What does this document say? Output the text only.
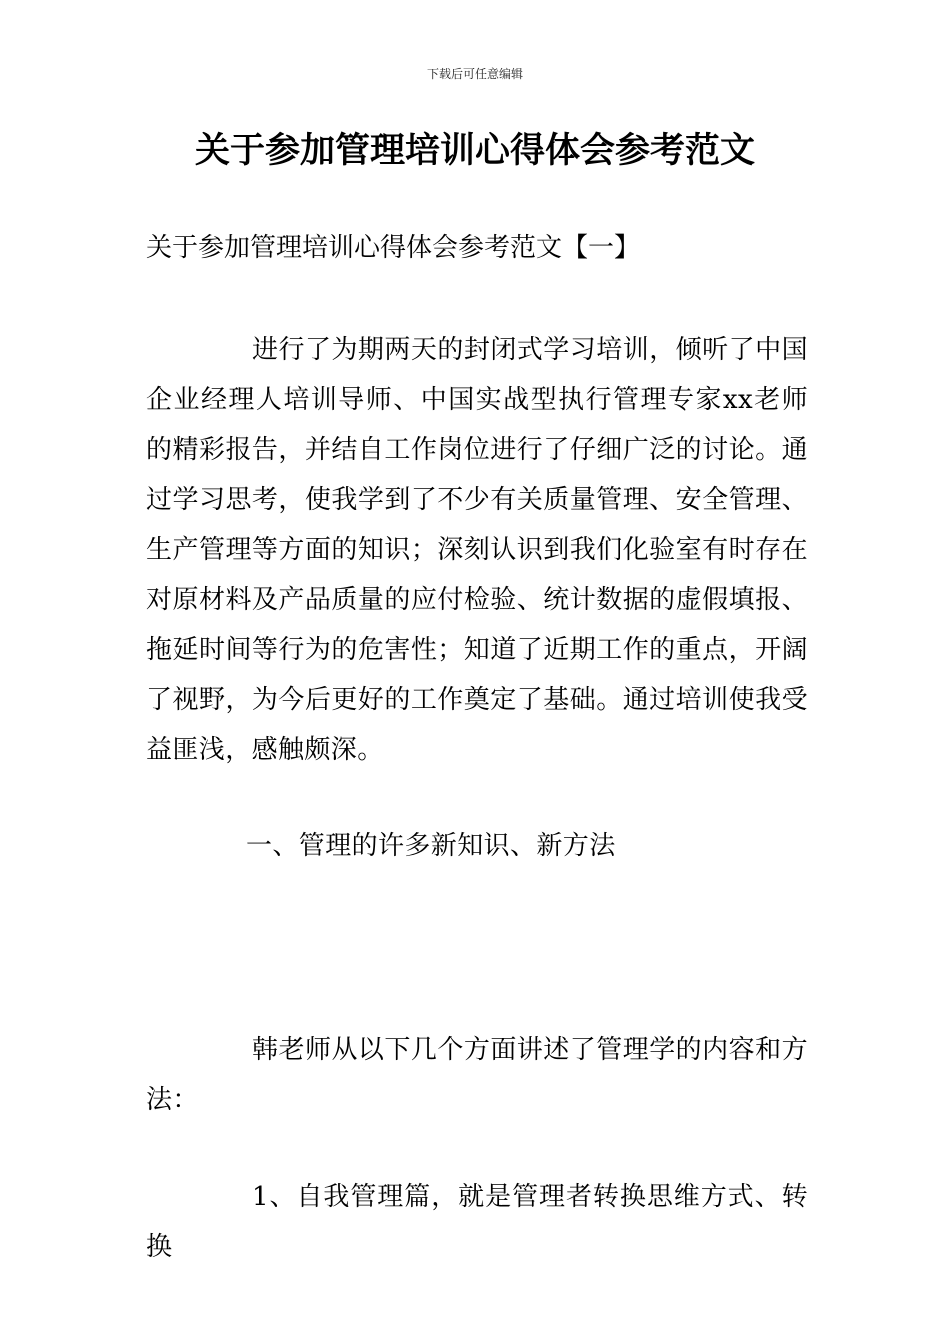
下载后可任意编辑
关于参加管理培训心得体会参考范文
关于参加管理培训心得体会参考范文【一】

进行了为期两天的封闭式学习培训，倾听了中国企业经理人培训导师、中国实战型执行管理专家xx老师的精彩报告，并结自工作岗位进行了仔细广泛的讨论。通过学习思考，使我学到了不少有关质量管理、安全管理、生产管理等方面的知识；深刻认识到我们化验室有时存在对原材料及产品质量的应付检验、统计数据的虚假填报、拖延时间等行为的危害性；知道了近期工作的重点，开阔了视野，为今后更好的工作奠定了基础。通过培训使我受益匪浅，感触颇深。

一、管理的许多新知识、新方法

韩老师从以下几个方面讲述了管理学的内容和方法：

1、自我管理篇，就是管理者转换思维方式、转换
